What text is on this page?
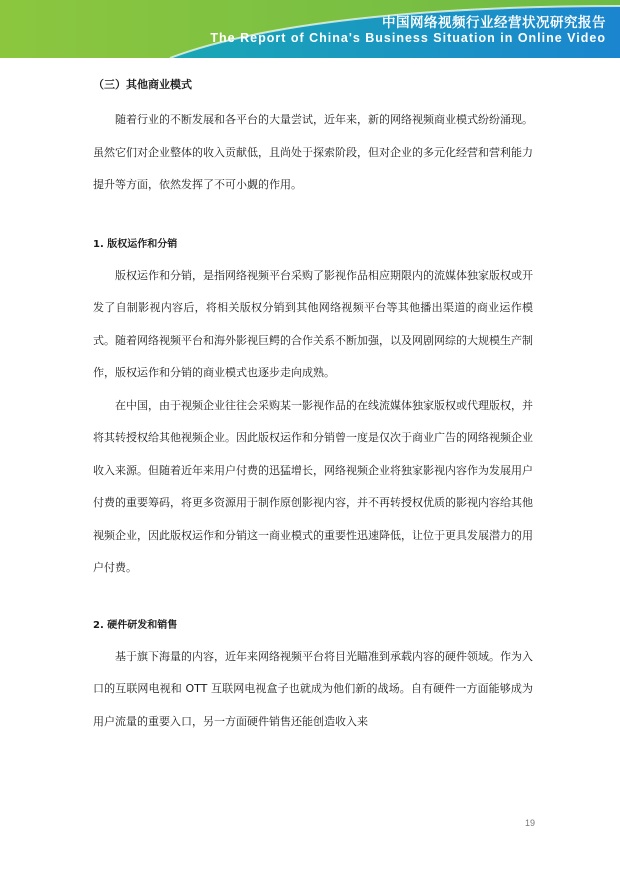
中国网络视频行业经营状况研究报告
The Report of China's Business Situation in Online Video
（三）其他商业模式

随着行业的不断发展和各平台的大量尝试，近年来，新的网络视频商业模式纷纷涌现。虽然它们对企业整体的收入贡献低，且尚处于探索阶段，但对企业的多元化经营和营利能力提升等方面，依然发挥了不可小觑的作用。

1. 版权运作和分销

版权运作和分销，是指网络视频平台采购了影视作品相应期限内的流媒体独家版权或开发了自制影视内容后，将相关版权分销到其他网络视频平台等其他播出渠道的商业运作模式。随着网络视频平台和海外影视巨鳄的合作关系不断加强，以及网剧网综的大规模生产制作，版权运作和分销的商业模式也逐步走向成熟。

在中国，由于视频企业往往会采购某一影视作品的在线流媒体独家版权或代理版权，并将其转授权给其他视频企业。因此版权运作和分销曾一度是仅次于商业广告的网络视频企业收入来源。但随着近年来用户付费的迅猛增长，网络视频企业将独家影视内容作为发展用户付费的重要筹码，将更多资源用于制作原创影视内容，并不再转授权优质的影视内容给其他视频企业，因此版权运作和分销这一商业模式的重要性迅速降低，让位于更具发展潜力的用户付费。

2. 硬件研发和销售

基于旗下海量的内容，近年来网络视频平台将目光瞄准到承载内容的硬件领域。作为入口的互联网电视和 OTT 互联网电视盒子也就成为他们新的战场。自有硬件一方面能够成为用户流量的重要入口，另一方面硬件销售还能创造收入来

19
